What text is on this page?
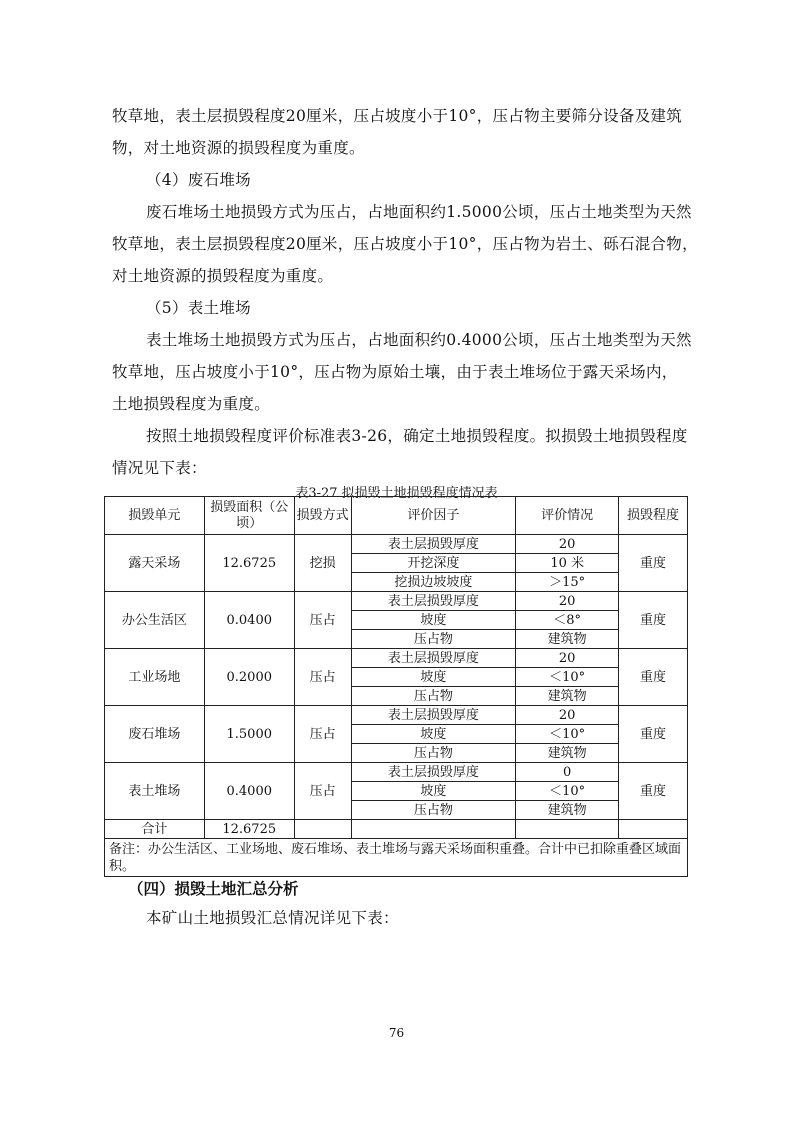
牧草地，表土层损毁程度20厘米，压占坡度小于10°，压占物主要筛分设备及建筑
物，对土地资源的损毁程度为重度。
（4）废石堆场
废石堆场土地损毁方式为压占，占地面积约1.5000公顷，压占土地类型为天然
牧草地，表土层损毁程度20厘米，压占坡度小于10°，压占物为岩土、砾石混合物，
对土地资源的损毁程度为重度。
（5）表土堆场
表土堆场土地损毁方式为压占，占地面积约0.4000公顷，压占土地类型为天然
牧草地，压占坡度小于10°，压占物为原始土壤，由于表土堆场位于露天采场内，
土地损毁程度为重度。
按照土地损毁程度评价标准表3-26，确定土地损毁程度。拟损毁土地损毁程度
情况见下表：
表3-27 拟损毁土地损毁程度情况表
损毁单元	损毁面积（公顷）	损毁方式	评价因子	评价情况	损毁程度
露天采场	12.6725	挖损	表土层损毁厚度	20	重度
			开挖深度	10 米	
			挖损边坡坡度	＞15°	
办公生活区	0.0400	压占	表土层损毁厚度	20	重度
			坡度	＜8°	
			压占物	建筑物	
工业场地	0.2000	压占	表土层损毁厚度	20	重度
			坡度	＜10°	
			压占物	建筑物	
废石堆场	1.5000	压占	表土层损毁厚度	20	重度
			坡度	＜10°	
			压占物	建筑物	
表土堆场	0.4000	压占	表土层损毁厚度	0	重度
			坡度	＜10°	
			压占物	建筑物	
合计	12.6725				
备注：办公生活区、工业场地、废石堆场、表土堆场与露天采场面积重叠。合计中已扣除重叠区域面积。					
（四）损毁土地汇总分析
本矿山土地损毁汇总情况详见下表：
76
